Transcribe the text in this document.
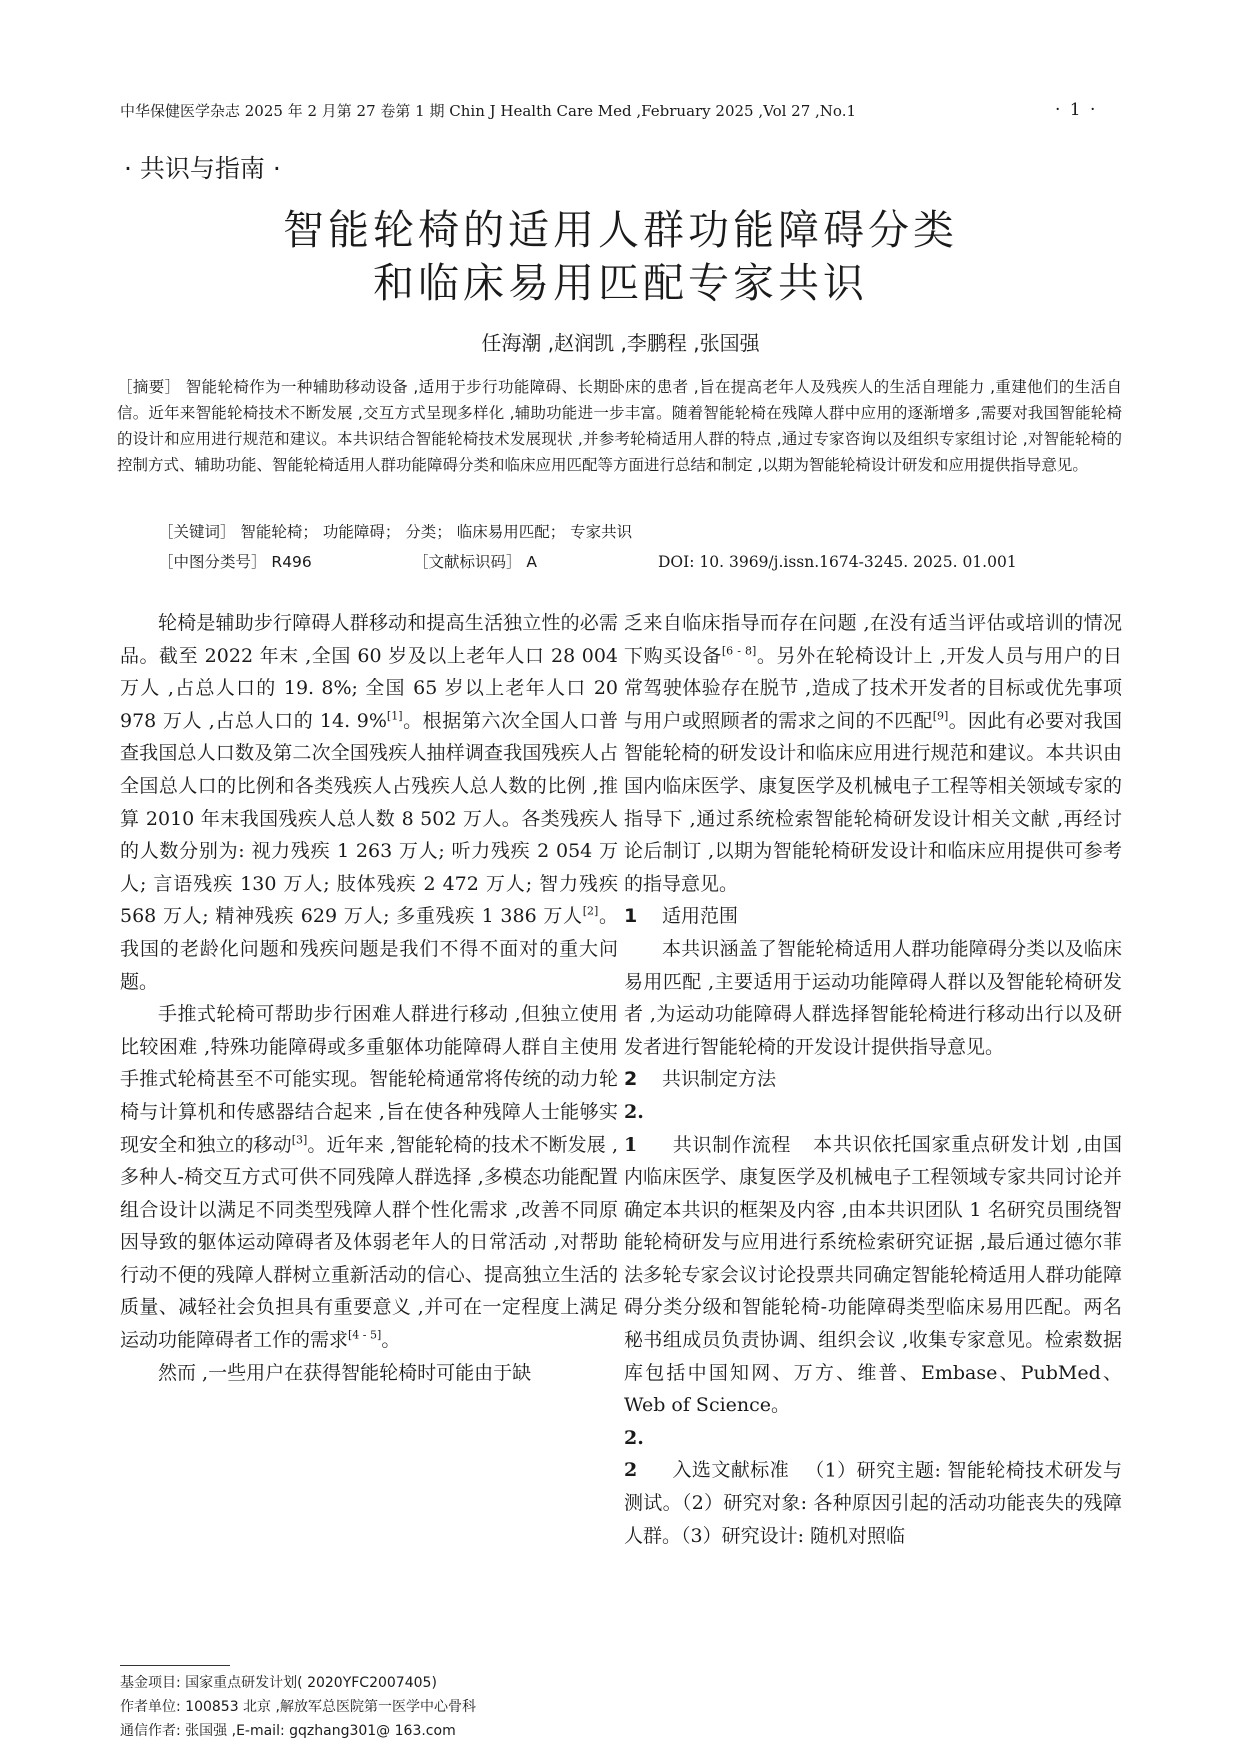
中华保健医学杂志 2025 年 2 月第 27 卷第 1 期 Chin J Health Care Med ,February 2025 ,Vol 27 ,No.1	· 1 ·
· 共识与指南 ·
智能轮椅的适用人群功能障碍分类
和临床易用匹配专家共识
任海潮 ,赵润凯 ,李鹏程 ,张国强

［摘要］ 智能轮椅作为一种辅助移动设备 ,适用于步行功能障碍、长期卧床的患者 ,旨在提高老年人及残疾人的生活自理能力 ,重建他们的生活自信。近年来智能轮椅技术不断发展 ,交互方式呈现多样化 ,辅助功能进一步丰富。随着智能轮椅在残障人群中应用的逐渐增多 ,需要对我国智能轮椅的设计和应用进行规范和建议。本共识结合智能轮椅技术发展现状 ,并参考轮椅适用人群的特点 ,通过专家咨询以及组织专家组讨论 ,对智能轮椅的控制方式、辅助功能、智能轮椅适用人群功能障碍分类和临床应用匹配等方面进行总结和制定 ,以期为智能轮椅设计研发和应用提供指导意见。

［关键词］ 智能轮椅； 功能障碍； 分类； 临床易用匹配； 专家共识
［中图分类号］ R496	［文献标识码］ A	DOI: 10. 3969/j.issn.1674-3245. 2025. 01.001

轮椅是辅助步行障碍人群移动和提高生活独立性的必需品。截至 2022 年末 ,全国 60 岁及以上老年人口 28 004 万人 ,占总人口的 19. 8%; 全国 65 岁以上老年人口 20 978 万人 ,占总人口的 14. 9%[1]。根据第六次全国人口普查我国总人口数及第二次全国残疾人抽样调查我国残疾人占全国总人口的比例和各类残疾人占残疾人总人数的比例 ,推算 2010 年末我国残疾人总人数 8 502 万人。各类残疾人的人数分别为: 视力残疾 1 263 万人; 听力残疾 2 054 万人; 言语残疾 130 万人; 肢体残疾 2 472 万人; 智力残疾 568 万人; 精神残疾 629 万人; 多重残疾 1 386 万人[2]。我国的老龄化问题和残疾问题是我们不得不面对的重大问题。

手推式轮椅可帮助步行困难人群进行移动 ,但独立使用比较困难 ,特殊功能障碍或多重躯体功能障碍人群自主使用手推式轮椅甚至不可能实现。智能轮椅通常将传统的动力轮椅与计算机和传感器结合起来 ,旨在使各种残障人士能够实现安全和独立的移动[3]。近年来 ,智能轮椅的技术不断发展 ,多种人-椅交互方式可供不同残障人群选择 ,多模态功能配置组合设计以满足不同类型残障人群个性化需求 ,改善不同原因导致的躯体运动障碍者及体弱老年人的日常活动 ,对帮助行动不便的残障人群树立重新活动的信心、提高独立生活的质量、减轻社会负担具有重要意义 ,并可在一定程度上满足运动功能障碍者工作的需求[4 - 5]。

然而 ,一些用户在获得智能轮椅时可能由于缺

乏来自临床指导而存在问题 ,在没有适当评估或培训的情况下购买设备[6 - 8]。另外在轮椅设计上 ,开发人员与用户的日常驾驶体验存在脱节 ,造成了技术开发者的目标或优先事项与用户或照顾者的需求之间的不匹配[9]。因此有必要对我国智能轮椅的研发设计和临床应用进行规范和建议。本共识由国内临床医学、康复医学及机械电子工程等相关领域专家的指导下 ,通过系统检索智能轮椅研发设计相关文献 ,再经讨论后制订 ,以期为智能轮椅研发设计和临床应用提供可参考的指导意见。

1 适用范围

本共识涵盖了智能轮椅适用人群功能障碍分类以及临床易用匹配 ,主要适用于运动功能障碍人群以及智能轮椅研发者 ,为运动功能障碍人群选择智能轮椅进行移动出行以及研发者进行智能轮椅的开发设计提供指导意见。

2 共识制定方法

2. 1 共识制作流程 本共识依托国家重点研发计划 ,由国内临床医学、康复医学及机械电子工程领域专家共同讨论并确定本共识的框架及内容 ,由本共识团队 1 名研究员围绕智能轮椅研发与应用进行系统检索研究证据 ,最后通过德尔菲法多轮专家会议讨论投票共同确定智能轮椅适用人群功能障碍分类分级和智能轮椅-功能障碍类型临床易用匹配。两名秘书组成员负责协调、组织会议 ,收集专家意见。检索数据库包括中国知网、万方、维普、Embase、PubMed、Web of Science。

2. 2 入选文献标准 （1）研究主题: 智能轮椅技术研发与测试。（2）研究对象: 各种原因引起的活动功能丧失的残障人群。（3）研究设计: 随机对照临

基金项目: 国家重点研发计划( 2020YFC2007405)
作者单位: 100853 北京 ,解放军总医院第一医学中心骨科
通信作者: 张国强 ,E-mail: gqzhang301@ 163.com
